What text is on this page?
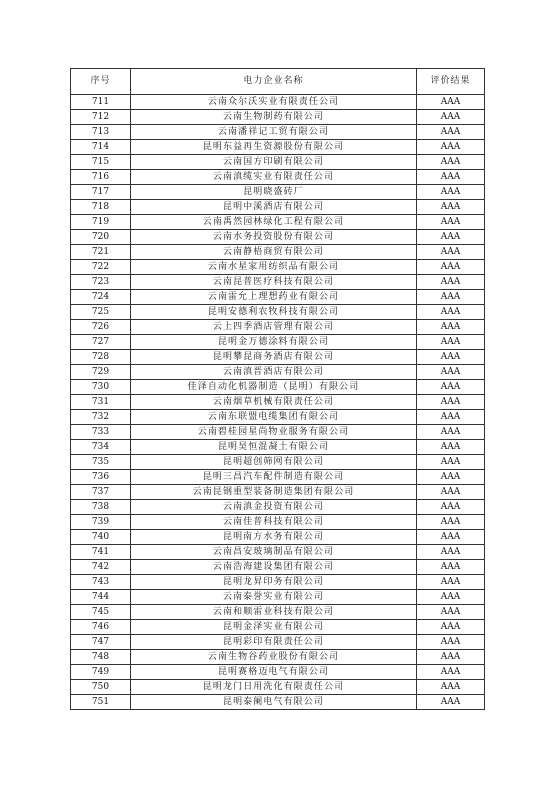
序号	电力企业名称	评价结果
711	云南众尔沃实业有限责任公司	AAA
712	云南生物制药有限公司	AAA
713	云南潘祥记工贸有限公司	AAA
714	昆明东益再生资源股份有限公司	AAA
715	云南国方印刷有限公司	AAA
716	云南滇缆实业有限责任公司	AAA
717	昆明晓盛砖厂	AAA
718	昆明中溪酒店有限公司	AAA
719	云南禹然园林绿化工程有限公司	AAA
720	云南水务投资股份有限公司	AAA
721	云南静梧商贸有限公司	AAA
722	云南水星家用纺织品有限公司	AAA
723	云南昆普医疗科技有限公司	AAA
724	云南雷允上理想药业有限公司	AAA
725	昆明安德利农牧科技有限公司	AAA
726	云上四季酒店管理有限公司	AAA
727	昆明金万德涂料有限公司	AAA
728	昆明攀昆商务酒店有限公司	AAA
729	云南滇晋酒店有限公司	AAA
730	佳泽自动化机器制造（昆明）有限公司	AAA
731	云南烟草机械有限责任公司	AAA
732	云南东联盟电缆集团有限公司	AAA
733	云南碧桂园星尚物业服务有限公司	AAA
734	昆明昊恒混凝土有限公司	AAA
735	昆明超创筛网有限公司	AAA
736	昆明三昌汽车配件制造有限公司	AAA
737	云南昆钢重型装备制造集团有限公司	AAA
738	云南滇金投资有限公司	AAA
739	云南佳普科技有限公司	AAA
740	昆明南方水务有限公司	AAA
741	云南昌安玻璃制品有限公司	AAA
742	云南浩海建设集团有限公司	AAA
743	昆明龙昇印务有限公司	AAA
744	云南泰誉实业有限公司	AAA
745	云南和顺雷业科技有限公司	AAA
746	昆明金泽实业有限公司	AAA
747	昆明彩印有限责任公司	AAA
748	云南生物谷药业股份有限公司	AAA
749	昆明赛格迈电气有限公司	AAA
750	昆明龙门日用洗化有限责任公司	AAA
751	昆明泰阑电气有限公司	AAA
